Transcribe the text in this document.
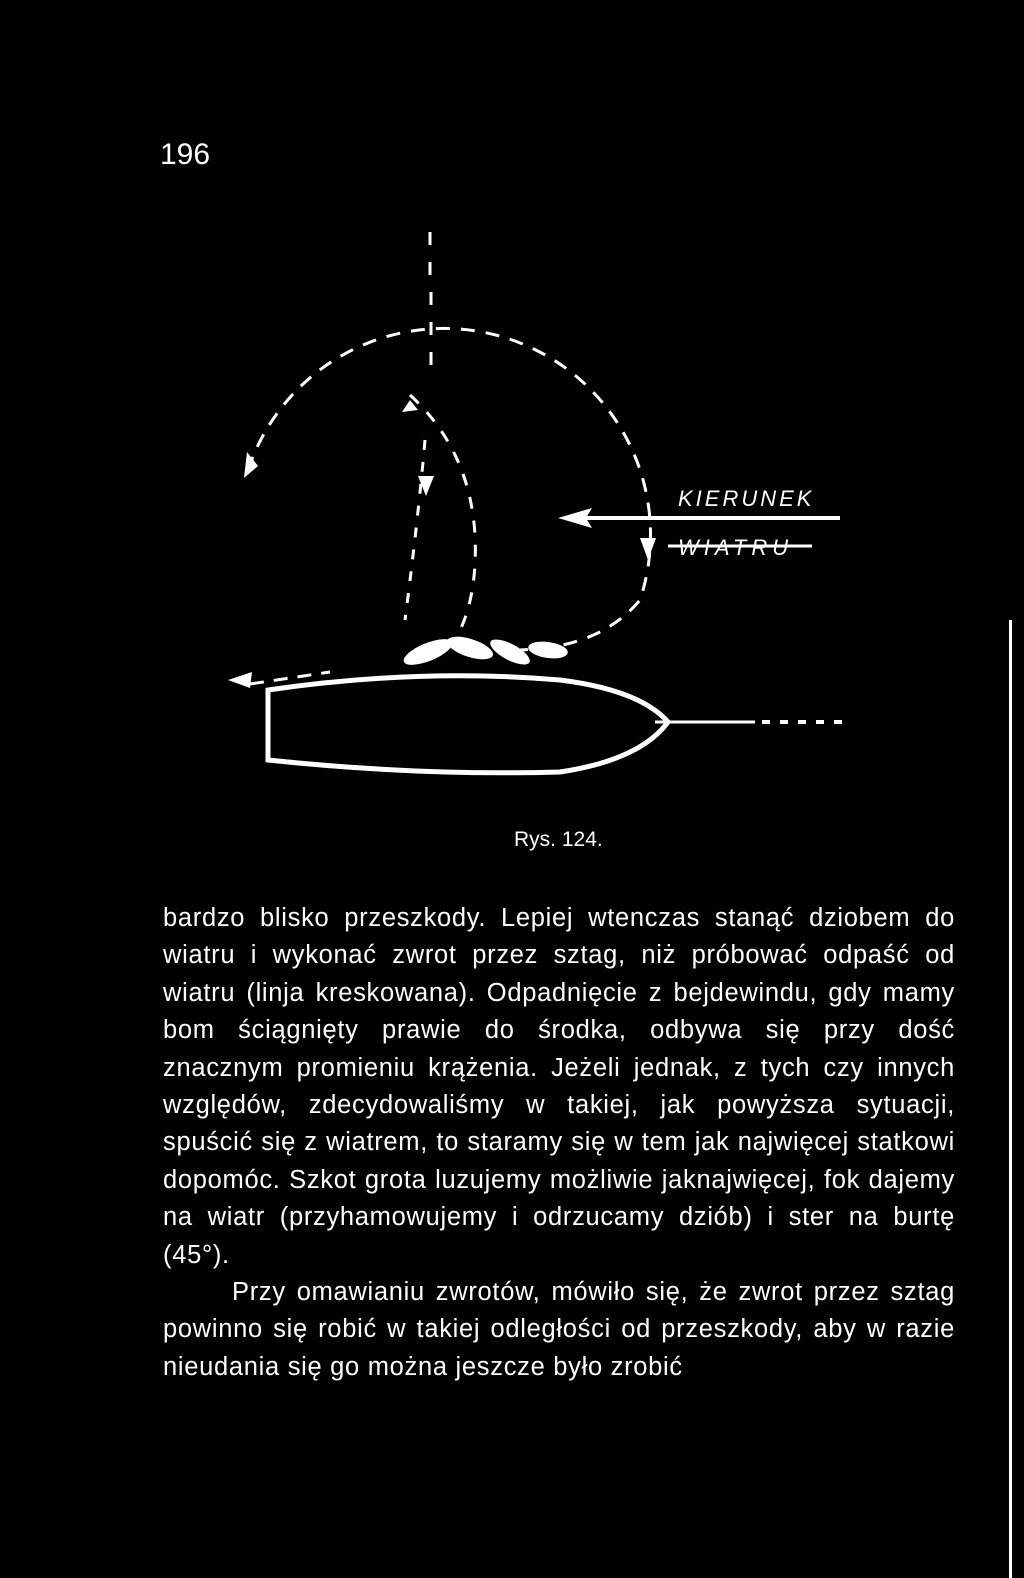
196
KIERUNEK
WIATRU
Rys. 124.

bardzo blisko przeszkody. Lepiej wtenczas stanąć dziobem do wiatru i wykonać zwrot przez sztag, niż próbować odpaść od wiatru (linja kreskowana). Odpadnięcie z bejdewindu, gdy mamy bom ściągnięty prawie do środka, odbywa się przy dość znacznym promieniu krążenia. Jeżeli jednak, z tych czy innych względów, zdecydowaliśmy w takiej, jak powyższa sytuacji, spuścić się z wiatrem, to staramy się w tem jak najwięcej statkowi dopomóc. Szkot grota luzujemy możliwie jaknajwięcej, fok dajemy na wiatr (przyhamowujemy i odrzucamy dziób) i ster na burtę (45°).

Przy omawianiu zwrotów, mówiło się, że zwrot przez sztag powinno się robić w takiej odległości od przeszkody, aby w razie nieudania się go można jeszcze było zrobić
